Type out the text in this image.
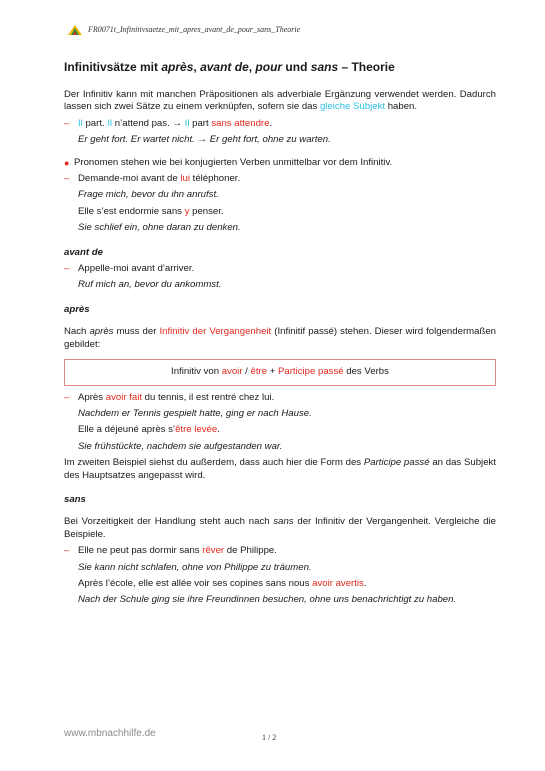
FR0071t_Infinitivsaetze_mit_apres_avant_de_pour_sans_Theorie
Infinitivsätze mit après, avant de, pour und sans – Theorie

Der Infinitiv kann mit manchen Präpositionen als adverbiale Ergänzung verwendet werden. Dadurch lassen sich zwei Sätze zu einem verknüpfen, sofern sie das gleiche Subjekt haben.

– Il part. Il n’attend pas. → Il part sans attendre.
Er geht fort. Er wartet nicht. → Er geht fort, ohne zu warten.
● Pronomen stehen wie bei konjugierten Verben unmittelbar vor dem Infinitiv.
– Demande-moi avant de lui téléphoner.
Frage mich, bevor du ihn anrufst.
Elle s’est endormie sans y penser.
Sie schlief ein, ohne daran zu denken.
avant de
– Appelle-moi avant d’arriver.
Ruf mich an, bevor du ankommst.
après

Nach après muss der Infinitiv der Vergangenheit (Infinitif passé) stehen. Dieser wird folgendermaßen gebildet:

Infinitiv von avoir / être + Participe passé des Verbs
– Après avoir fait du tennis, il est rentré chez lui.
Nachdem er Tennis gespielt hatte, ging er nach Hause.
Elle a déjeuné après s’être levée.
Sie frühstückte, nachdem sie aufgestanden war.

Im zweiten Beispiel siehst du außerdem, dass auch hier die Form des Participe passé an das Subjekt des Hauptsatzes angepasst wird.

sans

Bei Vorzeitigkeit der Handlung steht auch nach sans der Infinitiv der Vergangenheit. Vergleiche die Beispiele.

– Elle ne peut pas dormir sans rêver de Philippe.
Sie kann nicht schlafen, ohne von Philippe zu träumen.
Après l’école, elle est allée voir ses copines sans nous avoir avertis.
Nach der Schule ging sie ihre Freundinnen besuchen, ohne uns benachrichtigt zu haben.
www.mbnachhilfe.de	1 / 2
